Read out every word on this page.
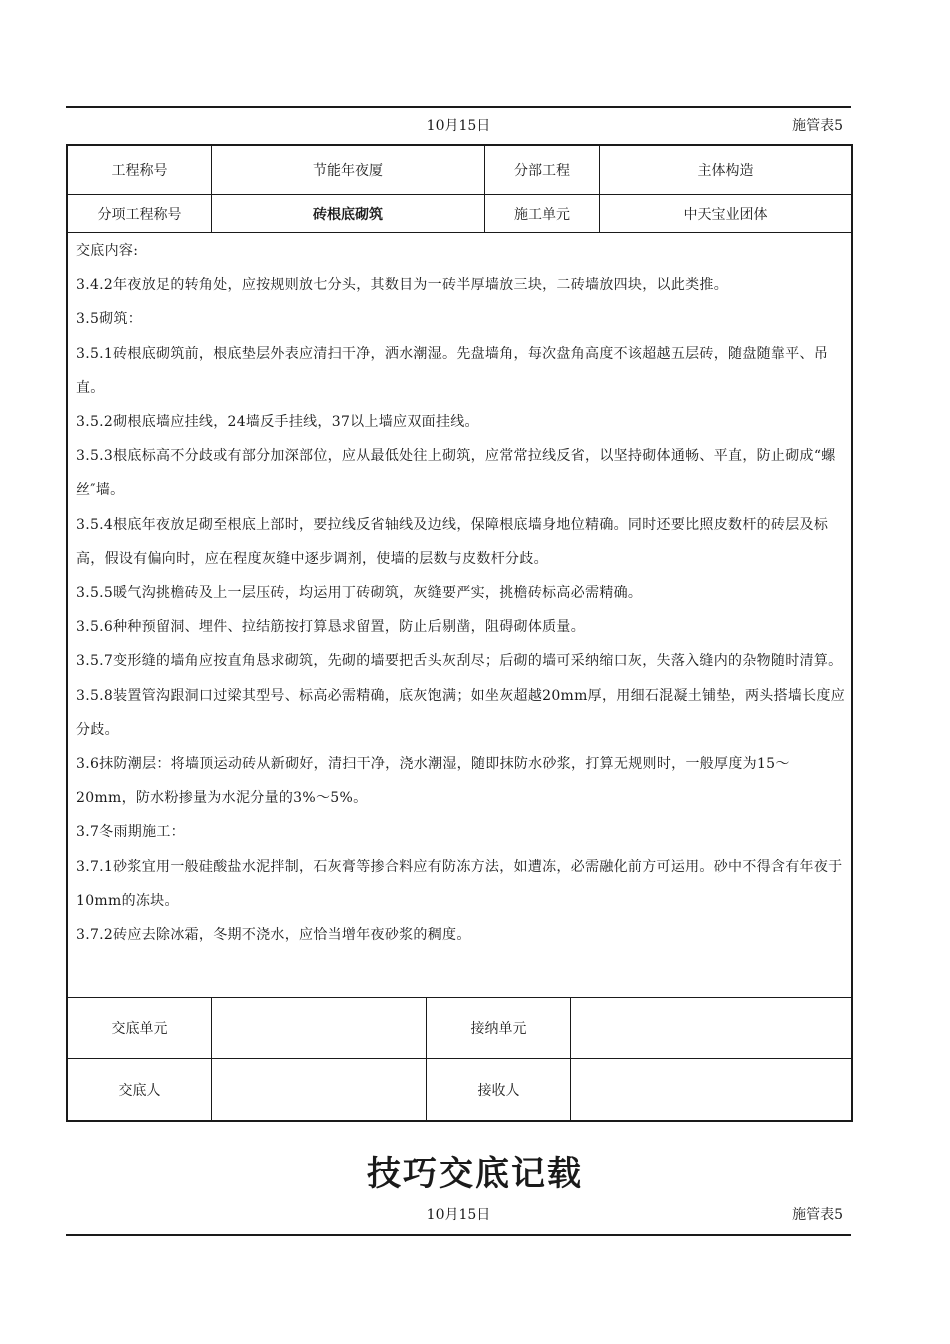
10月15日	施管表5
工程称号	节能年夜厦	分部工程	主体构造
分项工程称号	砖根底砌筑	施工单元	中天宝业团体

交底内容:

3.4.2年夜放足的转角处，应按规则放七分头，其数目为一砖半厚墙放三块，二砖墙放四块，以此类推。

3.5砌筑：

3.5.1砖根底砌筑前，根底垫层外表应清扫干净，洒水潮湿。先盘墙角，每次盘角高度不该超越五层砖，随盘随靠平、吊直。

3.5.2砌根底墙应挂线，24墙反手挂线，37以上墙应双面挂线。

3.5.3根底标高不分歧或有部分加深部位，应从最低处往上砌筑，应常常拉线反省，以坚持砌体通畅、平直，防止砌成“螺丝″墙。

3.5.4根底年夜放足砌至根底上部时，要拉线反省轴线及边线，保障根底墙身地位精确。同时还要比照皮数杆的砖层及标高，假设有偏向时，应在程度灰缝中逐步调剂，使墙的层数与皮数杆分歧。

3.5.5暖气沟挑檐砖及上一层压砖，均运用丁砖砌筑，灰缝要严实，挑檐砖标高必需精确。

3.5.6种种预留洞、埋件、拉结筋按打算恳求留置，防止后剔凿，阻碍砌体质量。

3.5.7变形缝的墙角应按直角恳求砌筑，先砌的墙要把舌头灰刮尽；后砌的墙可采纳缩口灰，失落入缝内的杂物随时清算。

3.5.8装置管沟跟洞口过梁其型号、标高必需精确，底灰饱满；如坐灰超越20mm厚，用细石混凝土铺垫，两头搭墙长度应分歧。

3.6抹防潮层：将墙顶运动砖从新砌好，清扫干净，浇水潮湿，随即抹防水砂浆，打算无规则时，一般厚度为15～20mm，防水粉掺量为水泥分量的3%～5%。

3.7冬雨期施工：

3.7.1砂浆宜用一般硅酸盐水泥拌制，石灰膏等掺合料应有防冻方法，如遭冻，必需融化前方可运用。砂中不得含有年夜于10mm的冻块。

3.7.2砖应去除冰霜，冬期不浇水，应恰当增年夜砂浆的稠度。

交底单元	接纳单元
交底人	接收人
技巧交底记载
10月15日	施管表5
